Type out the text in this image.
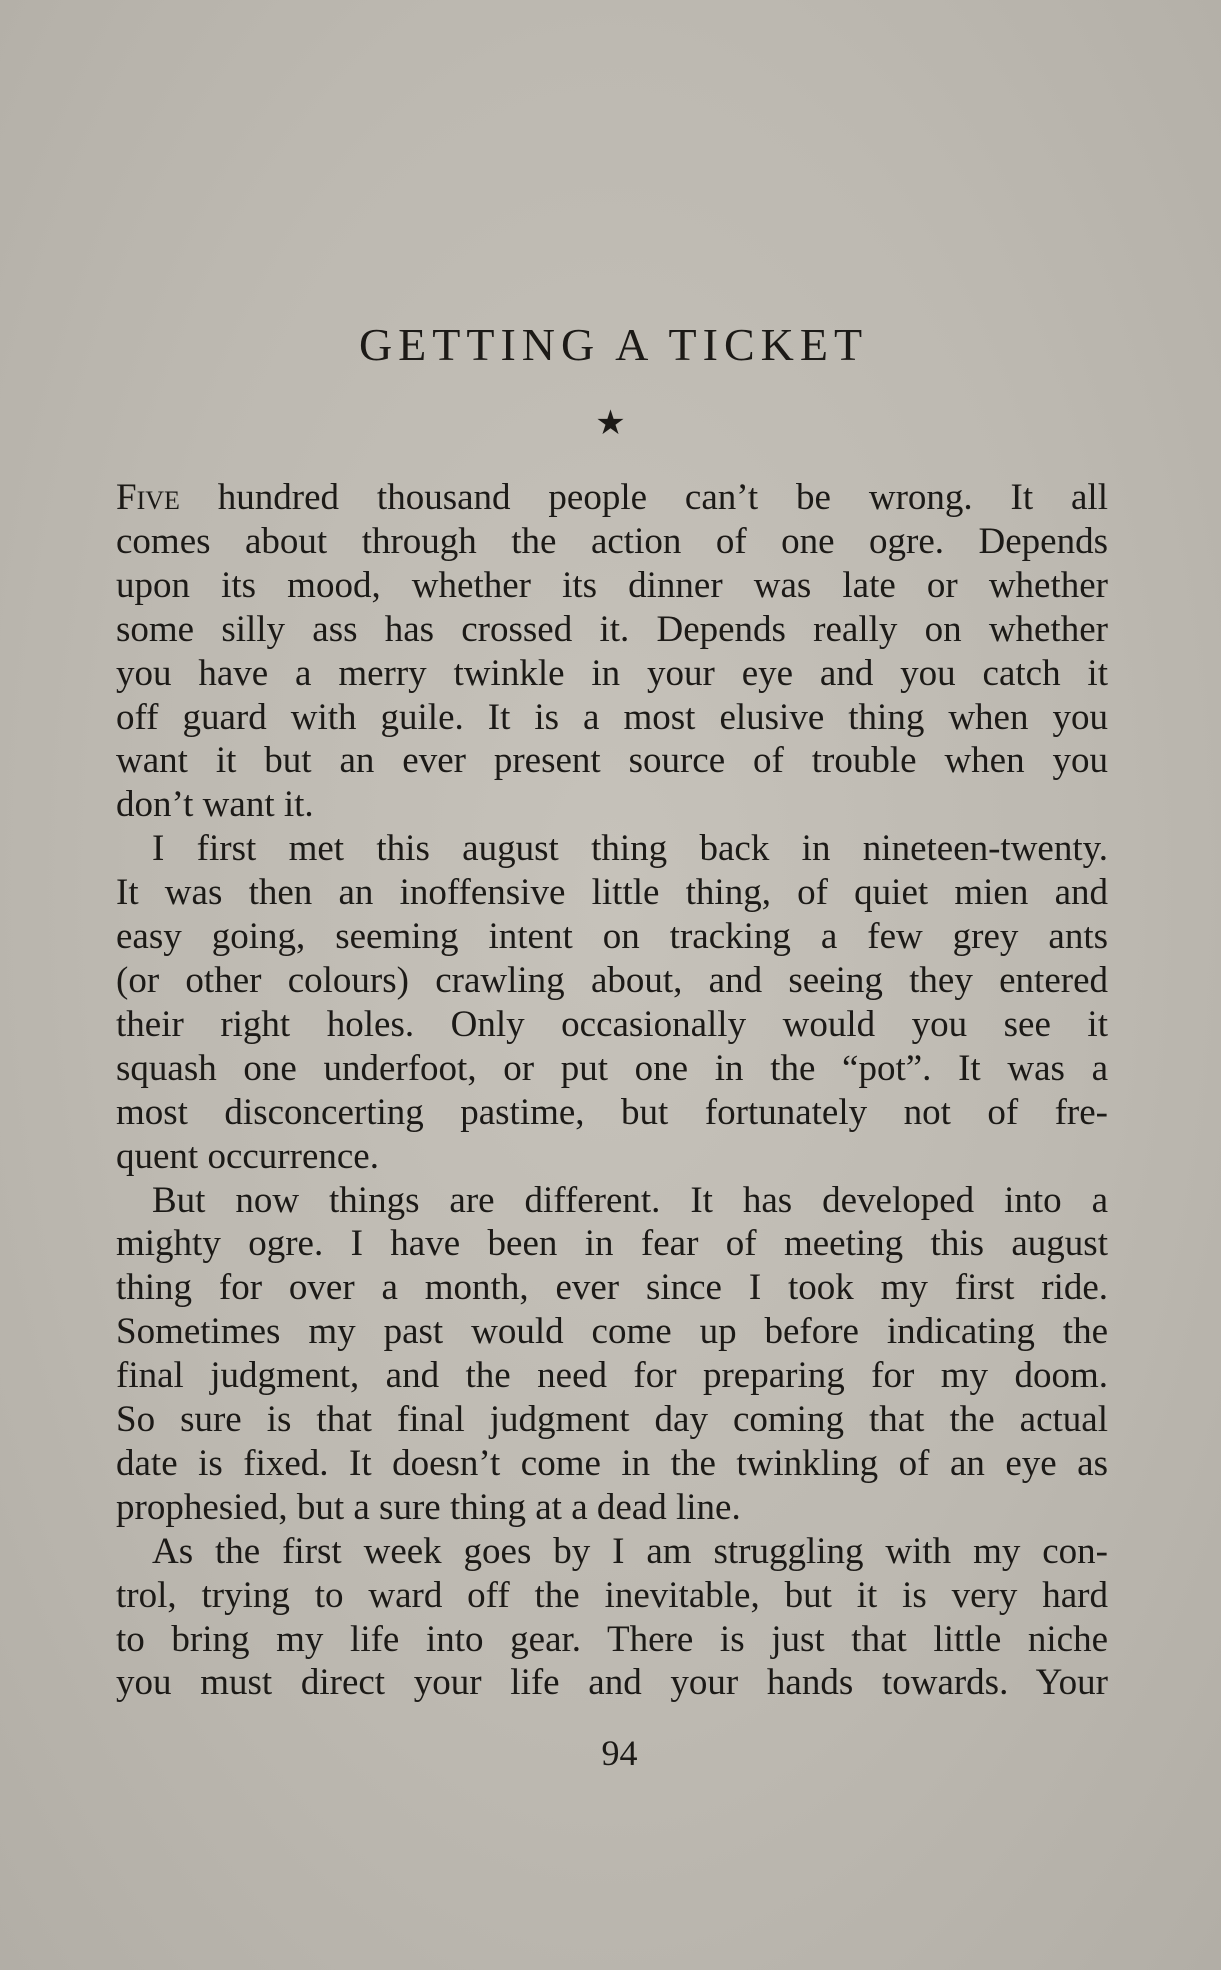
GETTING A TICKET
★

Five hundred thousand people can’t be wrong. It all
comes about through the action of one ogre. Depends
upon its mood, whether its dinner was late or whether
some silly ass has crossed it. Depends really on whether
you have a merry twinkle in your eye and you catch it
off guard with guile. It is a most elusive thing when you
want it but an ever present source of trouble when you
don’t want it.

I first met this august thing back in nineteen-twenty.
It was then an inoffensive little thing, of quiet mien and
easy going, seeming intent on tracking a few grey ants
(or other colours) crawling about, and seeing they entered
their right holes. Only occasionally would you see it
squash one underfoot, or put one in the “pot”. It was a
most disconcerting pastime, but fortunately not of fre-
quent occurrence.

But now things are different. It has developed into a
mighty ogre. I have been in fear of meeting this august
thing for over a month, ever since I took my first ride.
Sometimes my past would come up before indicating the
final judgment, and the need for preparing for my doom.
So sure is that final judgment day coming that the actual
date is fixed. It doesn’t come in the twinkling of an eye as
prophesied, but a sure thing at a dead line.

As the first week goes by I am struggling with my con-
trol, trying to ward off the inevitable, but it is very hard
to bring my life into gear. There is just that little niche
you must direct your life and your hands towards. Your

94
